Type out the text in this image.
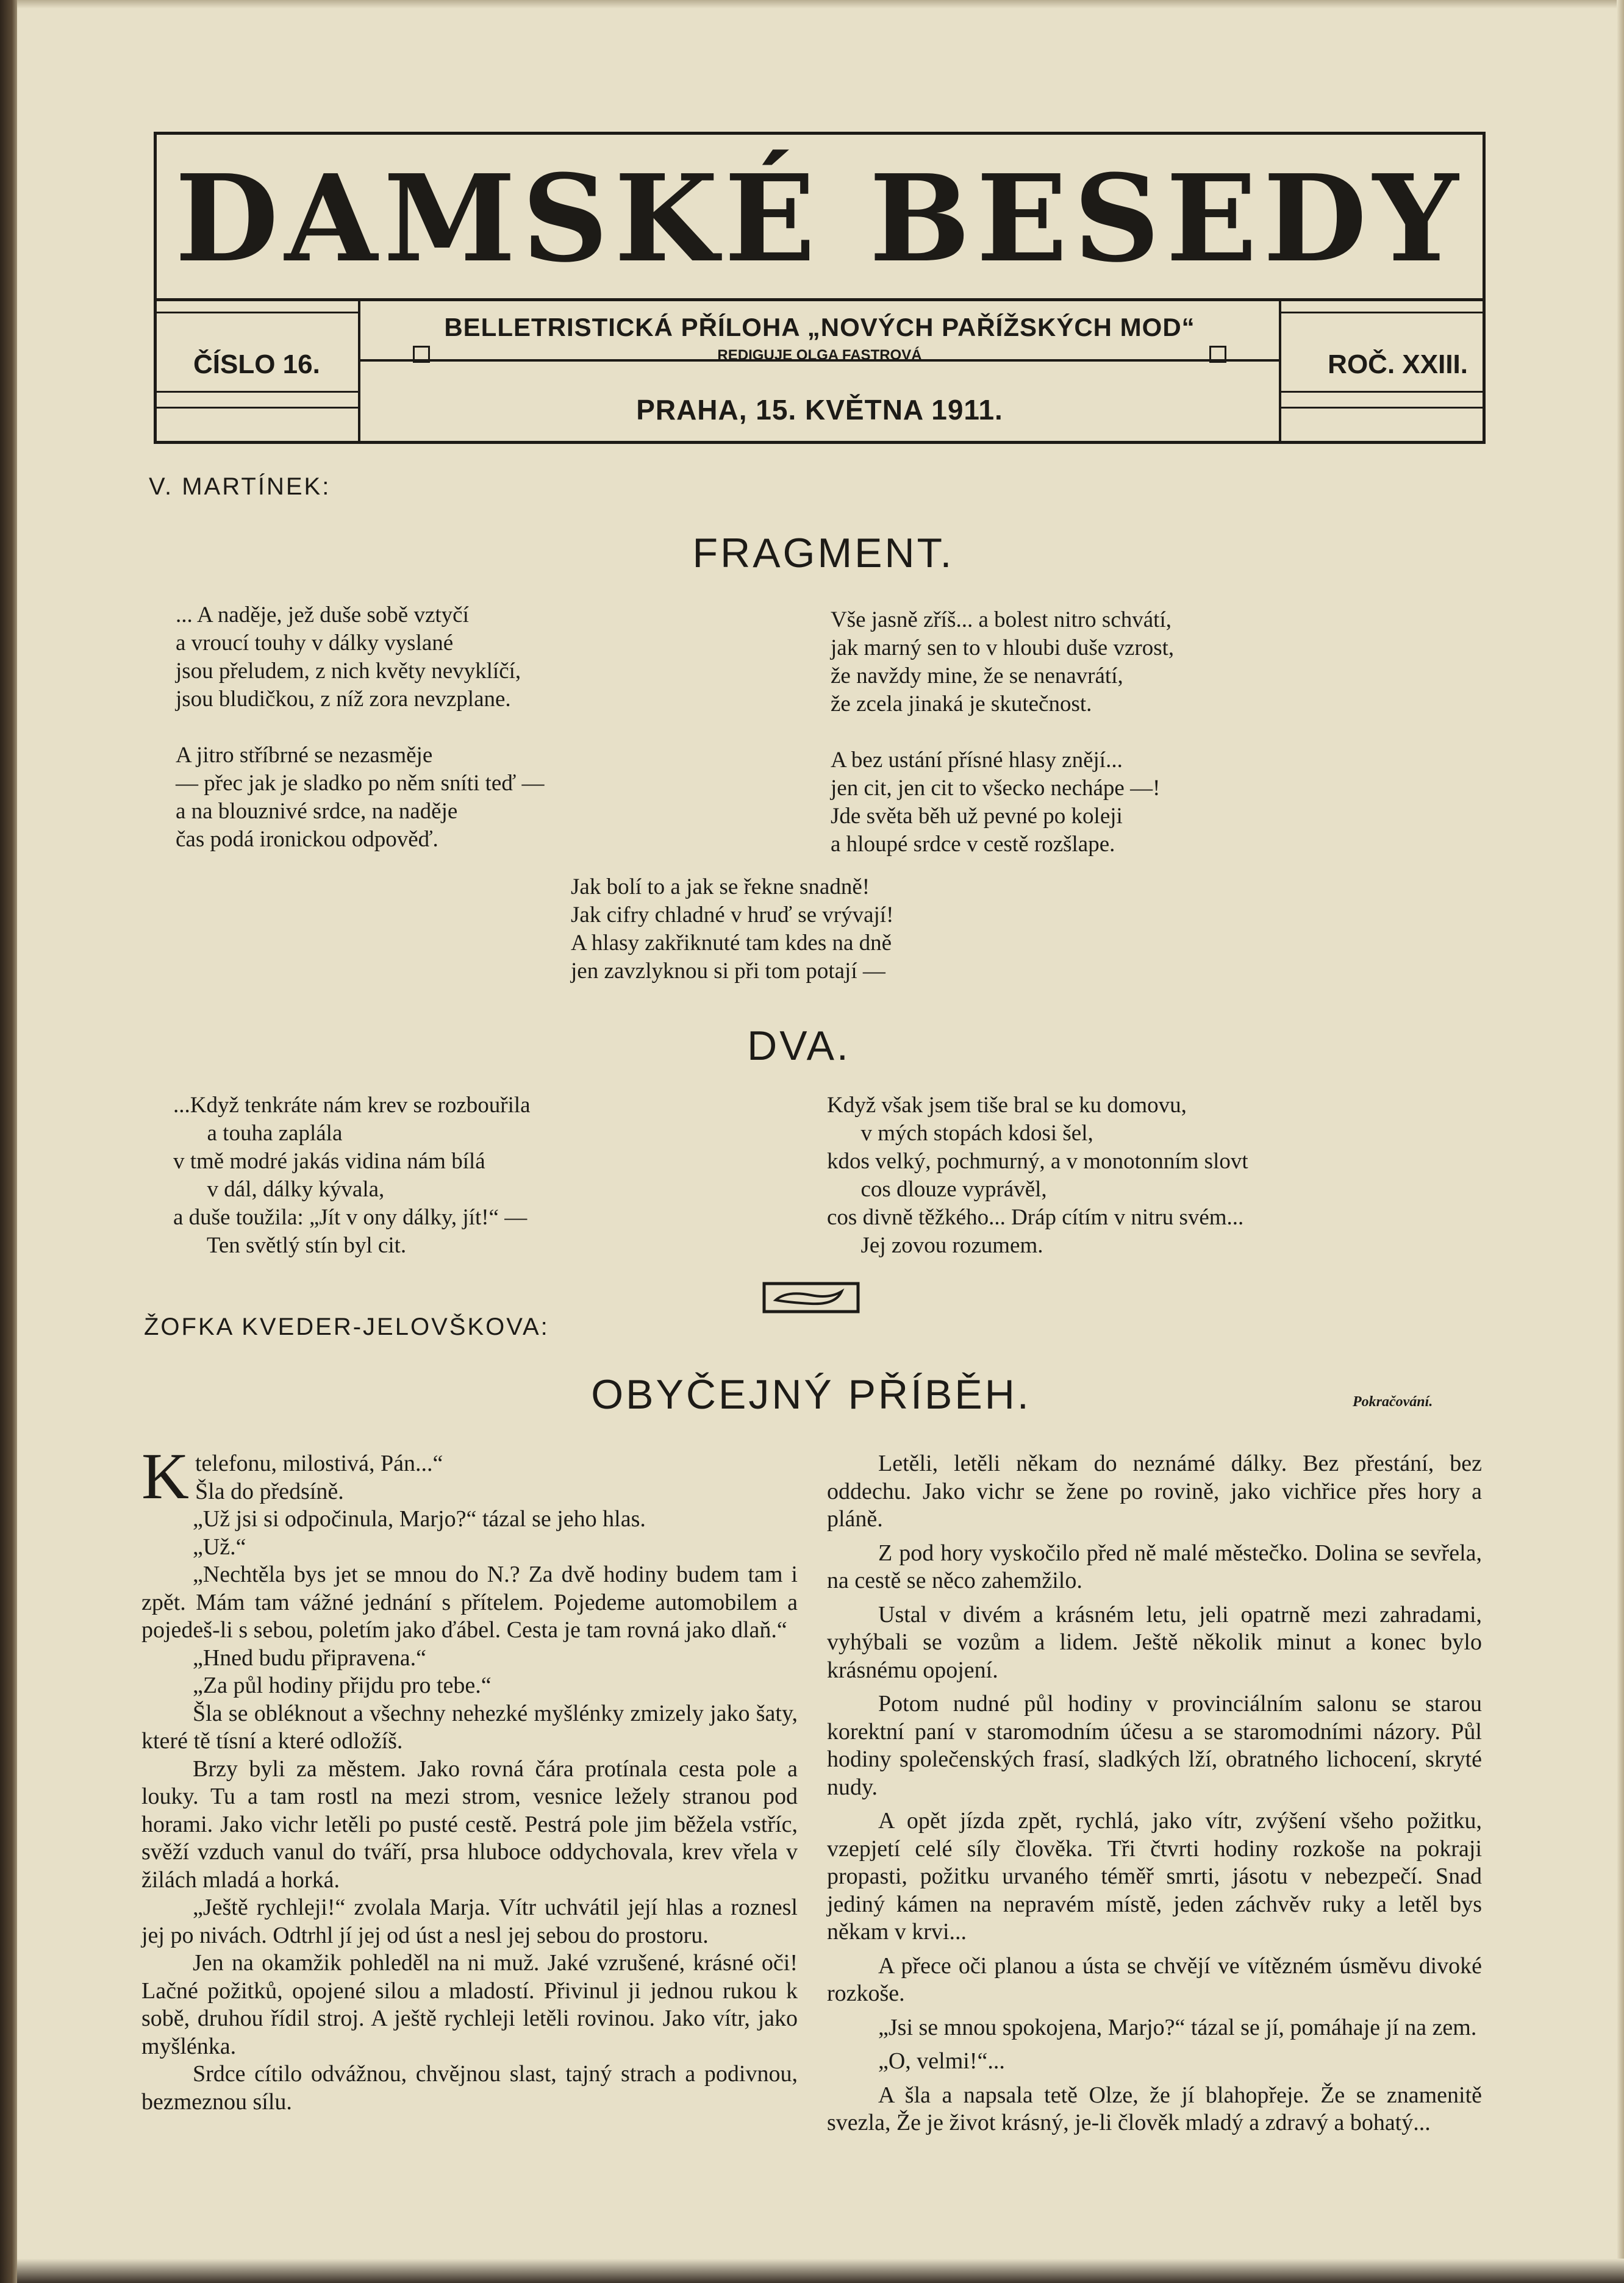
DAMSKÉ BESEDY
ČÍSLO 16.	ROČ. XXIII.
BELLETRISTICKÁ PŘÍLOHA „NOVÝCH PAŘÍŽSKÝCH MOD“
REDIGUJE OLGA FASTROVÁ
PRAHA, 15. KVĚTNA 1911.
V. MARTÍNEK:
FRAGMENT.
... A naděje, jež duše sobě vztyčí
a vroucí touhy v dálky vyslané
jsou přeludem, z nich květy nevyklíčí,
jsou bludičkou, z níž zora nevzplane.

A jitro stříbrné se nezasměje
— přec jak je sladko po něm sníti teď —
a na blouznivé srdce, na naděje
čas podá ironickou odpověď.
Vše jasně zříš... a bolest nitro schvátí,
jak marný sen to v hloubi duše vzrost,
že navždy mine, že se nenavrátí,
že zcela jinaká je skutečnost.

A bez ustání přísné hlasy znějí...
jen cit, jen cit to všecko nechápe —!
Jde světa běh už pevné po koleji
a hloupé srdce v cestě rozšlape.
Jak bolí to a jak se řekne snadně!
Jak cifry chladné v hruď se vrývají!
A hlasy zakřiknuté tam kdes na dně
jen zavzlyknou si při tom potají —
DVA.
...Když tenkráte nám krev se rozbouřila
a touha zaplála
v tmě modré jakás vidina nám bílá
v dál, dálky kývala,
a duše toužila: „Jít v ony dálky, jít!“ —
Ten světlý stín byl cit.
Když však jsem tiše bral se ku domovu,
v mých stopách kdosi šel,
kdos velký, pochmurný, a v monotonním slovt
cos dlouze vyprávěl,
cos divně těžkého... Dráp cítím v nitru svém...
Jej zovou rozumem.
ŽOFKA KVEDER-JELOVŠKOVA:
OBYČEJNÝ PŘÍBĚH.	Pokračování.
K telefonu, milostivá, Pán...“

Šla do předsíně.

„Už jsi si odpočinula, Marjo?“ tázal se jeho hlas.

„Už.“

„Nechtěla bys jet se mnou do N.? Za dvě hodiny budem tam i zpět. Mám tam vážné jednání s přítelem. Pojedeme automobilem a pojedeš-li s sebou, poletím jako ďábel. Cesta je tam rovná jako dlaň.“

„Hned budu připravena.“

„Za půl hodiny přijdu pro tebe.“

Šla se obléknout a všechny nehezké myšlénky zmizely jako šaty, které tě tísní a které odložíš.

Brzy byli za městem. Jako rovná čára protínala cesta pole a louky. Tu a tam rostl na mezi strom, vesnice ležely stranou pod horami. Jako vichr letěli po pusté cestě. Pestrá pole jim běžela vstříc, svěží vzduch vanul do tváří, prsa hluboce oddychovala, krev vřela v žilách mladá a horká.

„Ještě rychleji!“ zvolala Marja. Vítr uchvátil její hlas a roznesl jej po nivách. Odtrhl jí jej od úst a nesl jej sebou do prostoru.

Jen na okamžik pohleděl na ni muž. Jaké vzrušené, krásné oči! Lačné požitků, opojené silou a mladostí. Přivinul ji jednou rukou k sobě, druhou řídil stroj. A ještě rychleji letěli rovinou. Jako vítr, jako myšlénka.

Srdce cítilo odvážnou, chvějnou slast, tajný strach a podivnou, bezmeznou sílu.

Letěli, letěli někam do neznámé dálky. Bez přestání, bez oddechu. Jako vichr se žene po rovině, jako vichřice přes hory a pláně.

Z pod hory vyskočilo před ně malé městečko. Dolina se sevřela, na cestě se něco zahemžilo.

Ustal v divém a krásném letu, jeli opatrně mezi zahradami, vyhýbali se vozům a lidem. Ještě několik minut a konec bylo krásnému opojení.

Potom nudné půl hodiny v provinciálním salonu se starou korektní paní v staromodním účesu a se staromodními názory. Půl hodiny společenských frasí, sladkých lží, obratného lichocení, skryté nudy.

A opět jízda zpět, rychlá, jako vítr, zvýšení všeho požitku, vzepjetí celé síly člověka. Tři čtvrti hodiny rozkoše na pokraji propasti, požitku urvaného téměř smrti, jásotu v nebezpečí. Snad jediný kámen na nepravém místě, jeden záchvěv ruky a letěl bys někam v krvi...

A přece oči planou a ústa se chvějí ve vítězném úsměvu divoké rozkoše.

„Jsi se mnou spokojena, Marjo?“ tázal se jí, pomáhaje jí na zem.

„O, velmi!“...

A šla a napsala tetě Olze, že jí blahopřeje. Že se znamenitě svezla, Že je život krásný, je-li člověk mladý a zdravý a bohatý...
